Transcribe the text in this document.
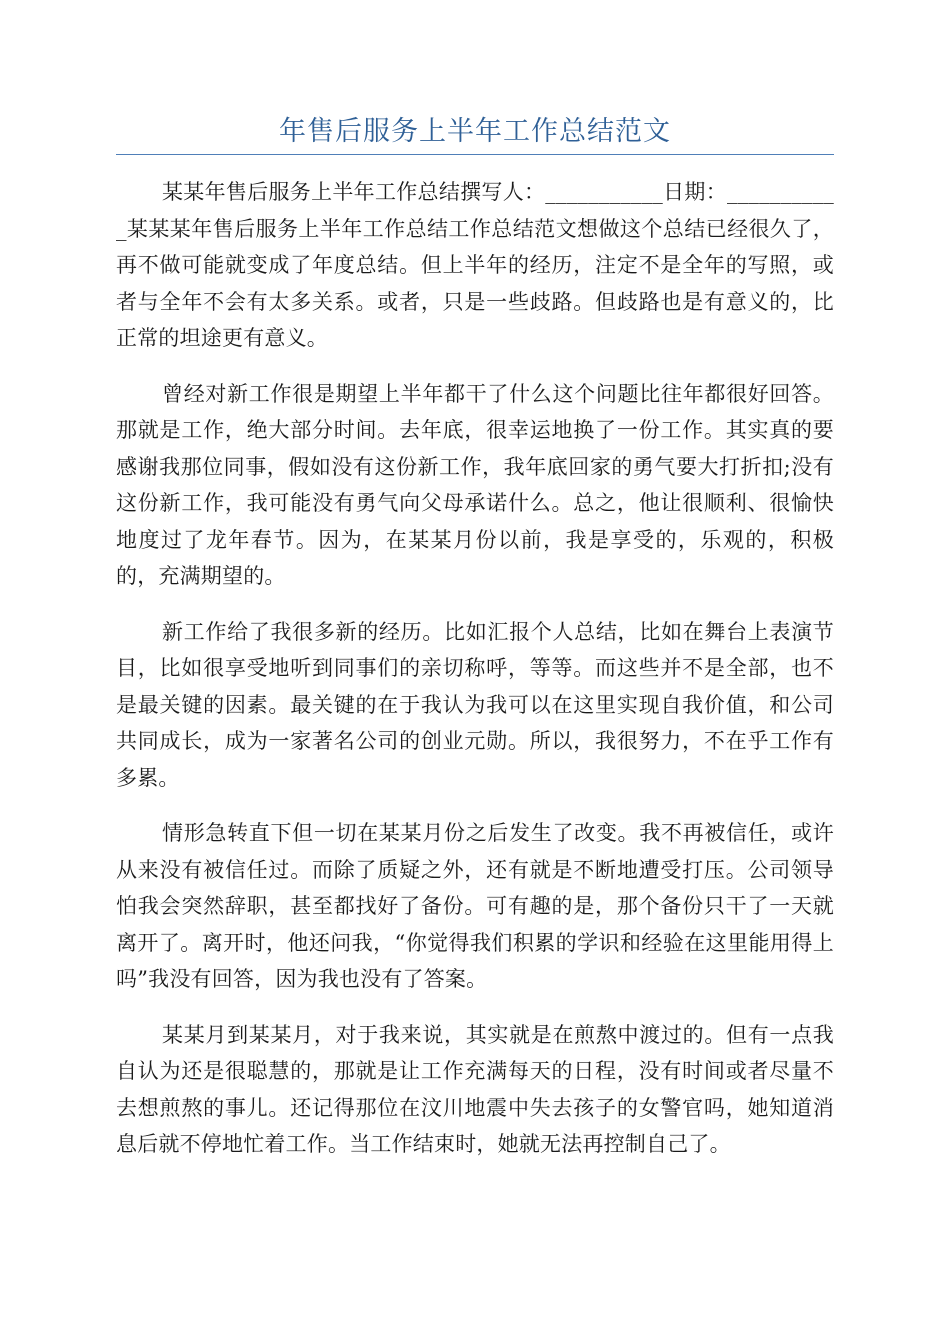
年售后服务上半年工作总结范文

某某年售后服务上半年工作总结撰写人：___________日期：___________某某某年售后服务上半年工作总结工作总结范文想做这个总结已经很久了，再不做可能就变成了年度总结。但上半年的经历，注定不是全年的写照，或者与全年不会有太多关系。或者，只是一些歧路。但歧路也是有意义的，比正常的坦途更有意义。

曾经对新工作很是期望上半年都干了什么这个问题比往年都很好回答。那就是工作，绝大部分时间。去年底，很幸运地换了一份工作。其实真的要感谢我那位同事，假如没有这份新工作，我年底回家的勇气要大打折扣;没有这份新工作，我可能没有勇气向父母承诺什么。总之，他让很顺利、很愉快地度过了龙年春节。因为，在某某月份以前，我是享受的，乐观的，积极的，充满期望的。

新工作给了我很多新的经历。比如汇报个人总结，比如在舞台上表演节目，比如很享受地听到同事们的亲切称呼，等等。而这些并不是全部，也不是最关键的因素。最关键的在于我认为我可以在这里实现自我价值，和公司共同成长，成为一家著名公司的创业元勋。所以，我很努力，不在乎工作有多累。

情形急转直下但一切在某某月份之后发生了改变。我不再被信任，或许从来没有被信任过。而除了质疑之外，还有就是不断地遭受打压。公司领导怕我会突然辞职，甚至都找好了备份。可有趣的是，那个备份只干了一天就离开了。离开时，他还问我，“你觉得我们积累的学识和经验在这里能用得上吗”我没有回答，因为我也没有了答案。

某某月到某某月，对于我来说，其实就是在煎熬中渡过的。但有一点我自认为还是很聪慧的，那就是让工作充满每天的日程，没有时间或者尽量不去想煎熬的事儿。还记得那位在汶川地震中失去孩子的女警官吗，她知道消息后就不停地忙着工作。当工作结束时，她就无法再控制自己了。
